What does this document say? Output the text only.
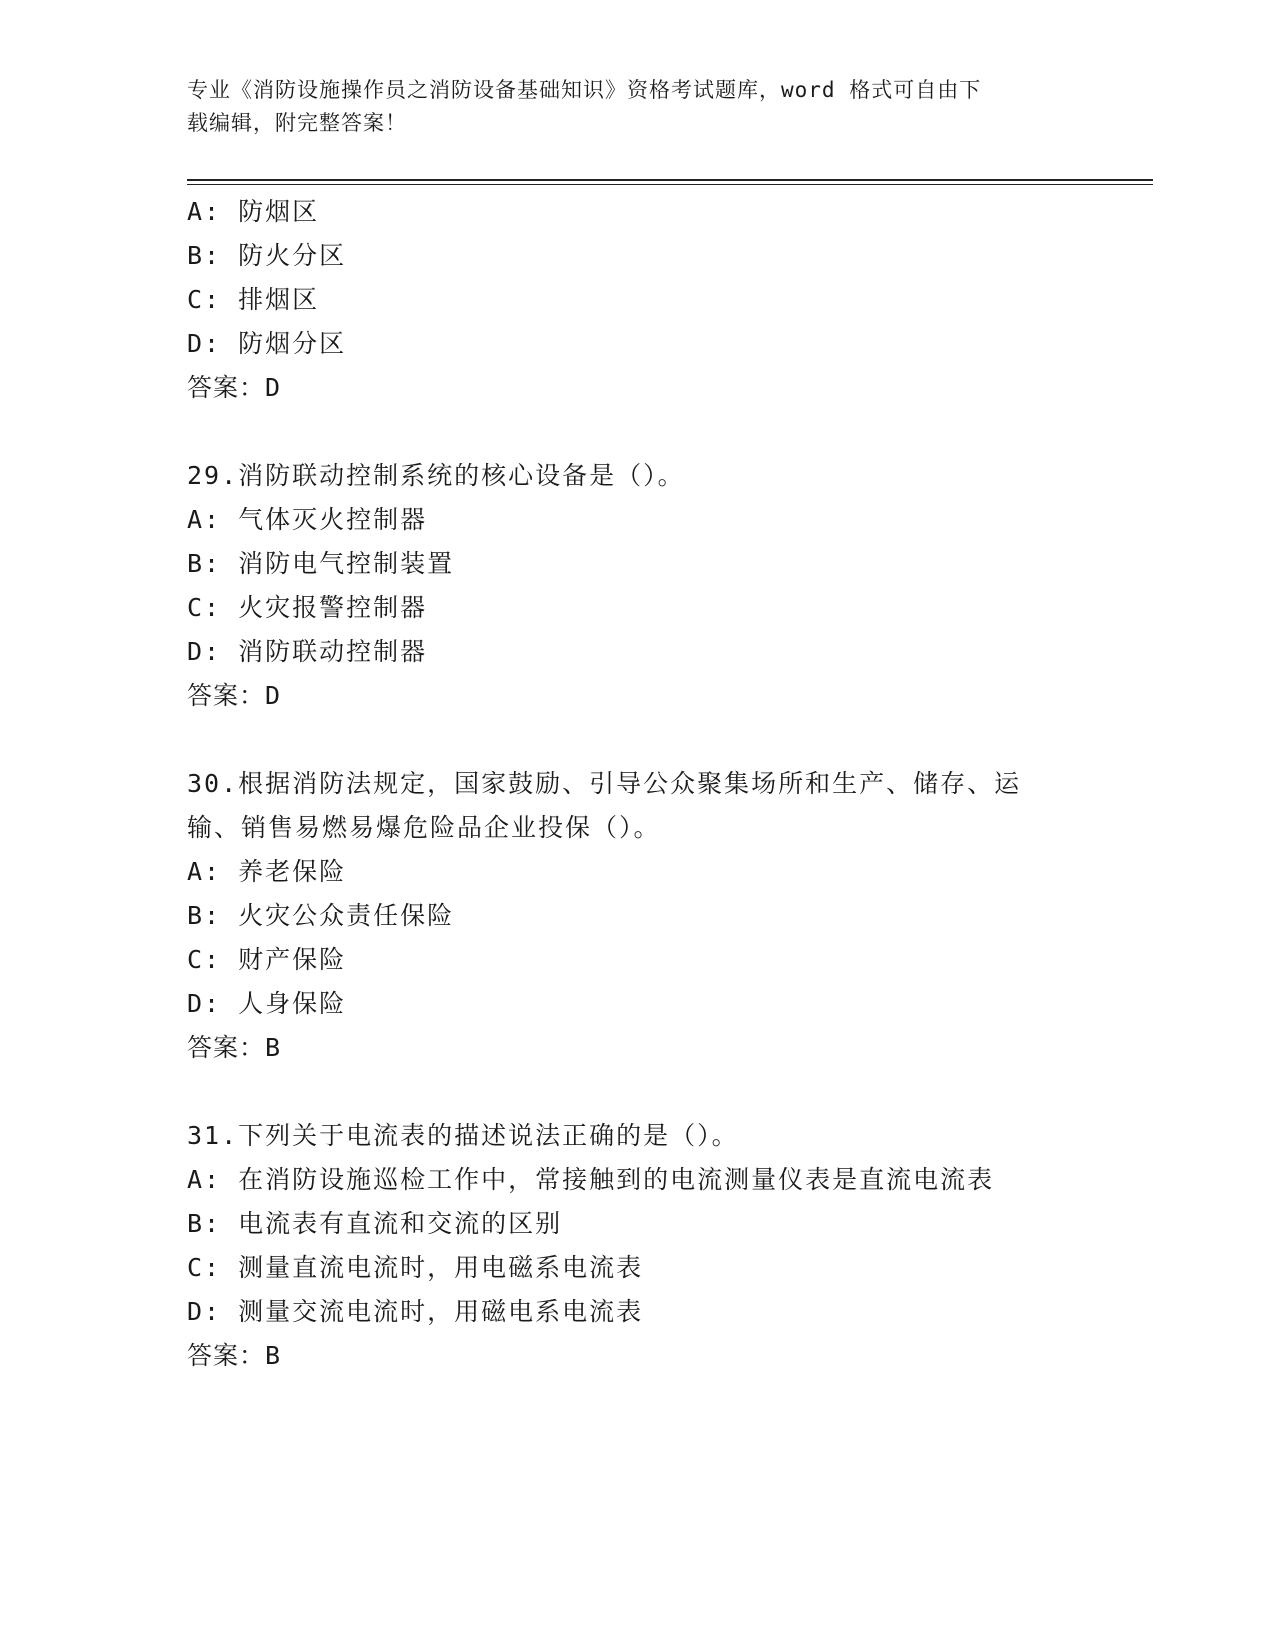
专业《消防设施操作员之消防设备基础知识》资格考试题库，word 格式可自由下
载编辑，附完整答案！
A: 防烟区
B: 防火分区
C: 排烟区
D: 防烟分区
答案：D
29.消防联动控制系统的核心设备是（）。
A: 气体灭火控制器
B: 消防电气控制装置
C: 火灾报警控制器
D: 消防联动控制器
答案：D
30.根据消防法规定，国家鼓励、引导公众聚集场所和生产、储存、运
输、销售易燃易爆危险品企业投保（）。
A: 养老保险
B: 火灾公众责任保险
C: 财产保险
D: 人身保险
答案：B
31.下列关于电流表的描述说法正确的是（）。
A: 在消防设施巡检工作中，常接触到的电流测量仪表是直流电流表
B: 电流表有直流和交流的区别
C: 测量直流电流时，用电磁系电流表
D: 测量交流电流时，用磁电系电流表
答案：B
